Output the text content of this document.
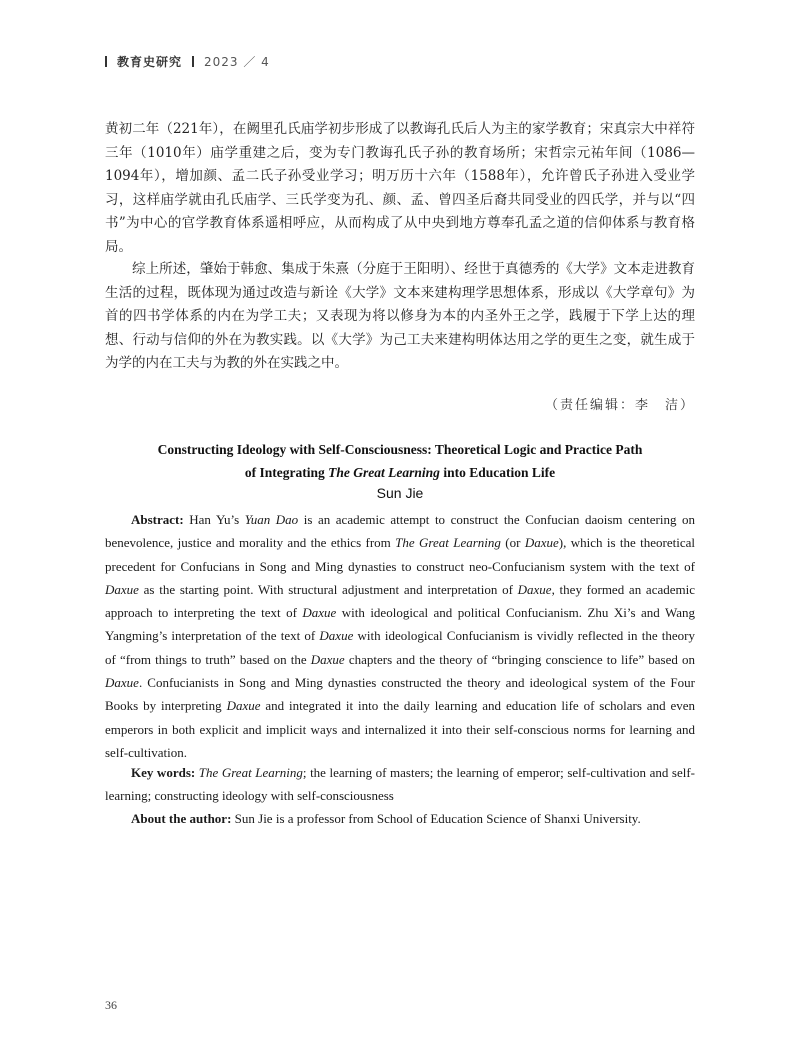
教育史研究 2023 ／ 4

黄初二年（221年），在阙里孔氏庙学初步形成了以教诲孔氏后人为主的家学教育；宋真宗大中祥符三年（1010年）庙学重建之后，变为专门教诲孔氏子孙的教育场所；宋哲宗元祐年间（1086—1094年），增加颜、孟二氏子孙受业学习；明万历十六年（1588年），允许曾氏子孙进入受业学习，这样庙学就由孔氏庙学、三氏学变为孔、颜、孟、曾四圣后裔共同受业的四氏学，并与以“四书”为中心的官学教育体系遥相呼应，从而构成了从中央到地方尊奉孔孟之道的信仰体系与教育格局。

综上所述，肇始于韩愈、集成于朱熹（分庭于王阳明）、经世于真德秀的《大学》文本走进教育生活的过程，既体现为通过改造与新诠《大学》文本来建构理学思想体系，形成以《大学章句》为首的四书学体系的内在为学工夫；又表现为将以修身为本的内圣外王之学，践履于下学上达的理想、行动与信仰的外在为教实践。以《大学》为己工夫来建构明体达用之学的更生之变，就生成于为学的内在工夫与为教的外在实践之中。

（责任编辑：李　洁）
Constructing Ideology with Self-Consciousness: Theoretical Logic and Practice Path
of Integrating The Great Learning into Education Life
Sun Jie

Abstract: Han Yu’s Yuan Dao is an academic attempt to construct the Confucian daoism centering on benevolence, justice and morality and the ethics from The Great Learning (or Daxue), which is the theoretical precedent for Confucians in Song and Ming dynasties to construct neo-Confucianism system with the text of Daxue as the starting point. With structural adjustment and interpretation of Daxue, they formed an academic approach to interpreting the text of Daxue with ideological and political Confucianism. Zhu Xi’s and Wang Yangming’s interpretation of the text of Daxue with ideological Confucianism is vividly reflected in the theory of “from things to truth” based on the Daxue chapters and the theory of “bringing conscience to life” based on Daxue. Confucianists in Song and Ming dynasties constructed the theory and ideological system of the Four Books by interpreting Daxue and integrated it into the daily learning and education life of scholars and even emperors in both explicit and implicit ways and internalized it into their self-conscious norms for learning and self-cultivation.

Key words: The Great Learning; the learning of masters; the learning of emperor; self-cultivation and self-learning; constructing ideology with self-consciousness

About the author: Sun Jie is a professor from School of Education Science of Shanxi University.

36
